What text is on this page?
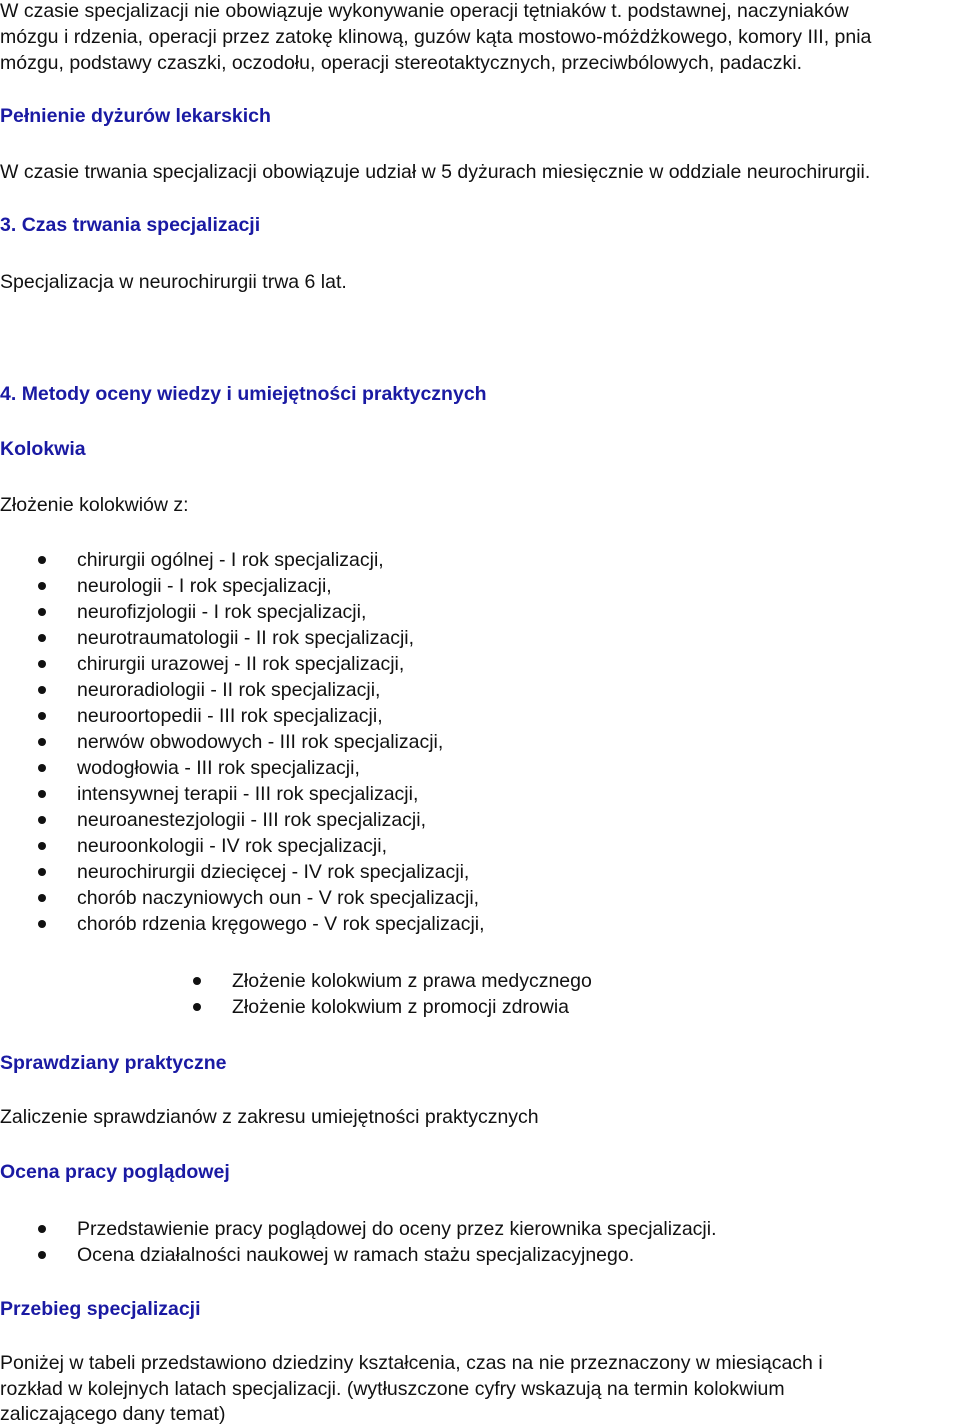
W czasie specjalizacji nie obowiązuje wykonywanie operacji tętniaków t. podstawnej, naczyniaków

mózgu i rdzenia, operacji przez zatokę klinową, guzów kąta mostowo-móżdżkowego, komory III, pnia

mózgu, podstawy czaszki, oczodołu, operacji stereotaktycznych, przeciwbólowych, padaczki.

Pełnienie dyżurów lekarskich

W czasie trwania specjalizacji obowiązuje udział w 5 dyżurach miesięcznie w oddziale neurochirurgii.

3. Czas trwania specjalizacji

Specjalizacja w neurochirurgii trwa 6 lat.

4. Metody oceny wiedzy i umiejętności praktycznych
Kolokwia

Złożenie kolokwiów z:

chirurgii ogólnej - I rok specjalizacji,
neurologii - I rok specjalizacji,
neurofizjologii - I rok specjalizacji,
neurotraumatologii - II rok specjalizacji,
chirurgii urazowej - II rok specjalizacji,
neuroradiologii - II rok specjalizacji,
neuroortopedii - III rok specjalizacji,
nerwów obwodowych - III rok specjalizacji,
wodogłowia - III rok specjalizacji,
intensywnej terapii - III rok specjalizacji,
neuroanestezjologii - III rok specjalizacji,
neuroonkologii - IV rok specjalizacji,
neurochirurgii dziecięcej - IV rok specjalizacji,
chorób naczyniowych oun - V rok specjalizacji,
chorób rdzenia kręgowego - V rok specjalizacji,
Złożenie kolokwium z prawa medycznego
Złożenie kolokwium z promocji zdrowia
Sprawdziany praktyczne

Zaliczenie sprawdzianów z zakresu umiejętności praktycznych

Ocena pracy poglądowej
Przedstawienie pracy poglądowej do oceny przez kierownika specjalizacji.
Ocena działalności naukowej w ramach stażu specjalizacyjnego.
Przebieg specjalizacji

Poniżej w tabeli przedstawiono dziedziny kształcenia, czas na nie przeznaczony w miesiącach i

rozkład w kolejnych latach specjalizacji. (wytłuszczone cyfry wskazują na termin kolokwium

zaliczającego dany temat)
